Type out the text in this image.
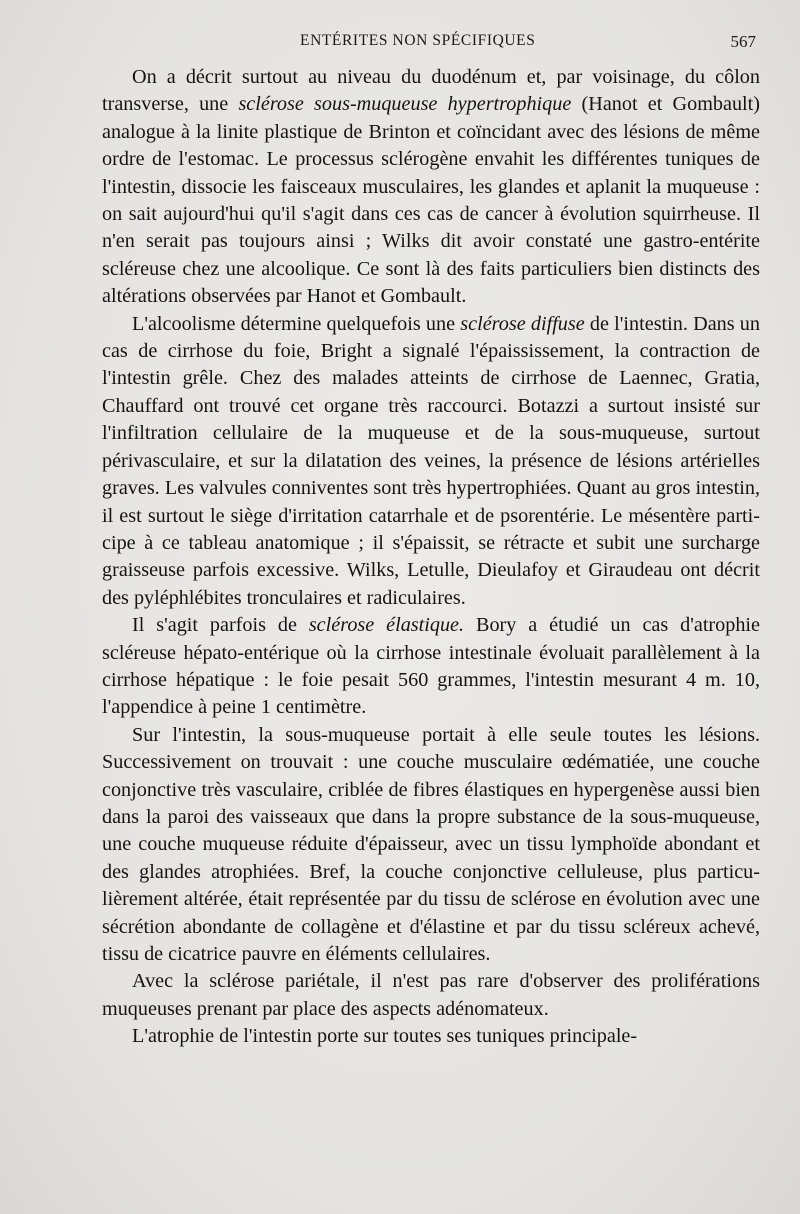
ENTÉRITES NON SPÉCIFIQUES	567

On a décrit surtout au niveau du duodénum et, par voisinage, du côlon transverse, une sclérose sous-muqueuse hypertrophique (Hanot et Gombault) analogue à la linite plastique de Brinton et coïncidant avec des lésions de même ordre de l'estomac. Le processus sclérogène envahit les différentes tuniques de l'intestin, dissocie les faisceaux musculaires, les glandes et aplanit la muqueuse : on sait aujourd'hui qu'il s'agit dans ces cas de cancer à évolution squirrheuse. Il n'en serait pas toujours ainsi ; Wilks dit avoir constaté une gastro-entérite scléreuse chez une alcoolique. Ce sont là des faits particuliers bien distincts des altérations observées par Hanot et Gombault.

L'alcoolisme détermine quelquefois une sclérose diffuse de l'intestin. Dans un cas de cirrhose du foie, Bright a signalé l'épaississement, la contraction de l'intestin grêle. Chez des malades atteints de cirrhose de Laennec, Gratia, Chauffard ont trouvé cet organe très raccourci. Botazzi a surtout insisté sur l'infiltration cellulaire de la muqueuse et de la sous-muqueuse, surtout périvasculaire, et sur la dilatation des veines, la présence de lésions artérielles graves. Les valvules conniventes sont très hypertrophiées. Quant au gros intestin, il est surtout le siège d'irritation catarrhale et de psorentérie. Le mésentère participe à ce tableau anatomique ; il s'épaissit, se rétracte et subit une surcharge graisseuse parfois excessive. Wilks, Letulle, Dieulafoy et Giraudeau ont décrit des pyléphlébites tronculaires et radiculaires.

Il s'agit parfois de sclérose élastique. Bory a étudié un cas d'atrophie scléreuse hépato-entérique où la cirrhose intestinale évoluait parallèlement à la cirrhose hépatique : le foie pesait 560 grammes, l'intestin mesurant 4 m. 10, l'appendice à peine 1 centimètre.

Sur l'intestin, la sous-muqueuse portait à elle seule toutes les lésions. Successivement on trouvait : une couche musculaire œdématiée, une couche conjonctive très vasculaire, criblée de fibres élastiques en hypergenèse aussi bien dans la paroi des vaisseaux que dans la propre substance de la sous-muqueuse, une couche muqueuse réduite d'épaisseur, avec un tissu lymphoïde abondant et des glandes atrophiées. Bref, la couche conjonctive celluleuse, plus particulièrement altérée, était représentée par du tissu de sclérose en évolution avec une sécrétion abondante de collagène et d'élastine et par du tissu scléreux achevé, tissu de cicatrice pauvre en éléments cellulaires.

Avec la sclérose pariétale, il n'est pas rare d'observer des proliférations muqueuses prenant par place des aspects adénomateux.

L'atrophie de l'intestin porte sur toutes ses tuniques principale-
